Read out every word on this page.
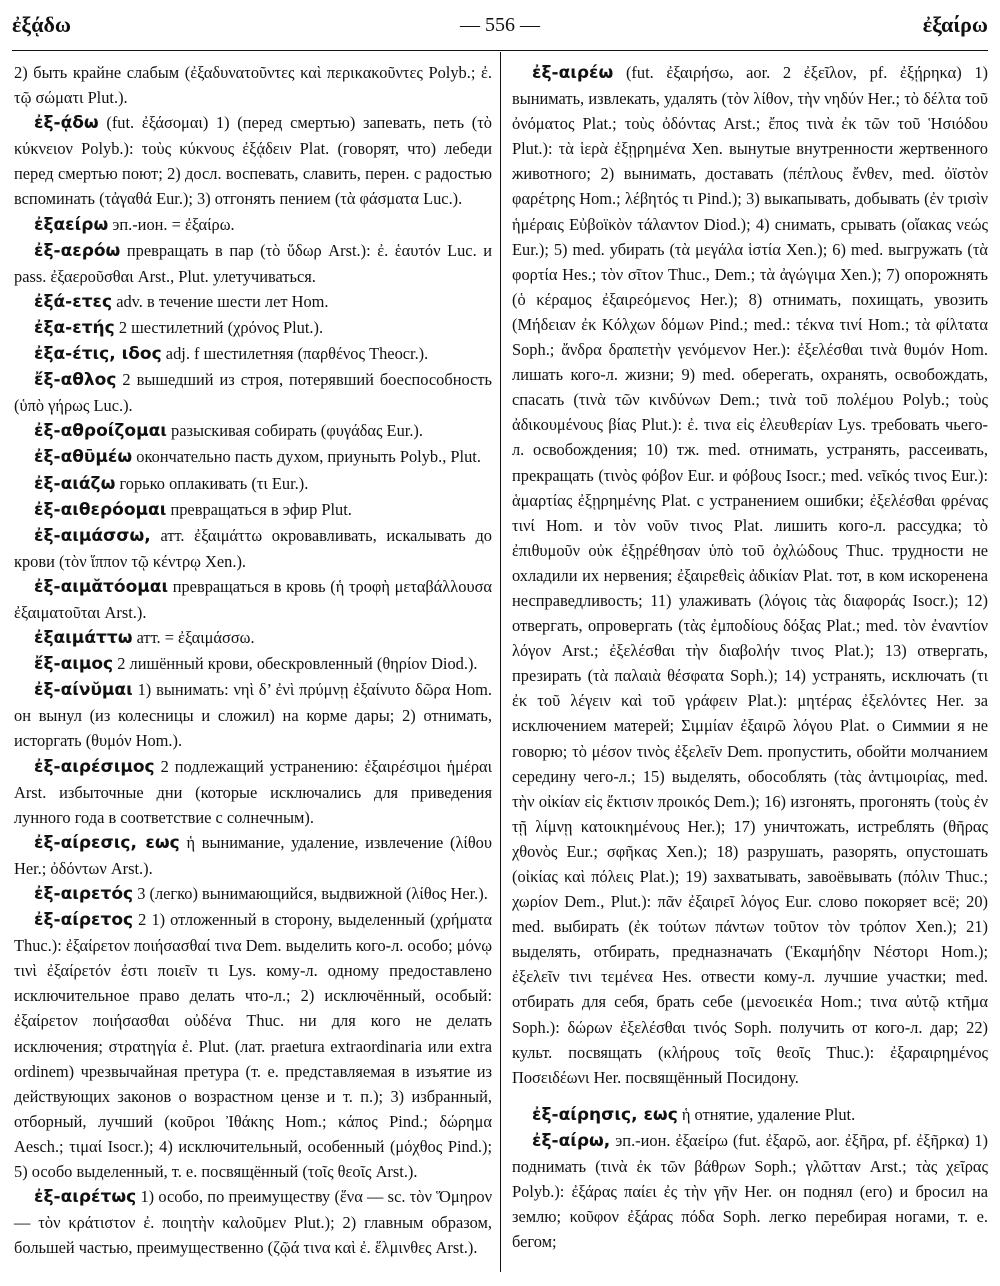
ἐξᾴδω	— 556 —	ἐξαίρω

2) быть крайне слабым (ἐξαδυνατοῦντες καὶ περικακοῦντες Polyb.; ἐ. τῷ σώματι Plut.).

ἐξ-ᾴδω (fut. ἐξάσομαι) 1) (перед смертью) запевать, петь (τὸ κύκνειον Polyb.): τοὺς κύκνους ἐξᾴδειν Plat. (говорят, что) лебеди перед смертью поют; 2) досл. воспевать, славить, перен. с радостью вспоминать (τἀγαθά Eur.); 3) отгонять пением (τὰ φάσματα Luc.).

ἐξαείρω эп.-ион. = ἐξαίρω.

ἐξ-αερόω превращать в пар (τὸ ὕδωρ Arst.): ἐ. ἑαυτόν Luc. и pass. ἐξαεροῦσθαι Arst., Plut. улетучиваться.

ἐξά-ετες adv. в течение шести лет Hom.

ἐξα-ετής 2 шестилетний (χρόνος Plut.).

ἐξα-έτις, ιδος adj. f шестилетняя (παρθένος Theocr.).

ἔξ-αθλος 2 вышедший из строя, потерявший боеспособность (ὑπὸ γήρως Luc.).

ἐξ-αθροίζομαι разыскивая собирать (φυγάδας Eur.).

ἐξ-αθῡμέω окончательно пасть духом, приуныть Polyb., Plut.

ἐξ-αιάζω горько оплакивать (τι Eur.).

ἐξ-αιθερόομαι превращаться в эфир Plut.

ἐξ-αιμάσσω, атт. ἐξαιμάττω окровавливать, искалывать до крови (τὸν ἵππον τῷ κέντρῳ Xen.).

ἐξ-αιμᾰτόομαι превращаться в кровь (ἡ τροφὴ μεταβάλλουσα ἐξαιματοῦται Arst.).

ἐξαιμάττω атт. = ἐξαιμάσσω.

ἔξ-αιμος 2 лишённый крови, обескровленный (θηρίον Diod.).

ἐξ-αίνῠμαι 1) вынимать: νηὶ δ’ ἐνὶ πρύμνῃ ἐξαίνυτο δῶρα Hom. он вынул (из колесницы и сложил) на корме дары; 2) отнимать, исторгать (θυμόν Hom.).

ἐξ-αιρέσιμος 2 подлежащий устранению: ἐξαιρέσιμοι ἡμέραι Arst. избыточные дни (которые исключались для приведения лунного года в соответствие с солнечным).

ἐξ-αίρεσις, εως ἡ вынимание, удаление, извлечение (λίθου Her.; ὀδόντων Arst.).

ἐξ-αιρετός 3 (легко) вынимающийся, выдвижной (λίθος Her.).

ἐξ-αίρετος 2 1) отложенный в сторону, выделенный (χρήματα Thuc.): ἐξαίρετον ποιήσασθαί τινα Dem. выделить кого-л. особо; μόνῳ τινὶ ἐξαίρετόν ἐστι ποιεῖν τι Lys. кому-л. одному предоставлено исключительное право делать что-л.; 2) исключённый, особый: ἐξαίρετον ποιήσασθαι οὐδένα Thuc. ни для кого не делать исключения; στρατηγία ἐ. Plut. (лат. praetura extraordinaria или extra ordinem) чрезвычайная претура (т. е. представляемая в изъятие из действующих законов о возрастном цензе и т. п.); 3) избранный, отборный, лучший (κοῦροι Ἰθάκης Hom.; κάπος Pind.; δώρημα Aesch.; τιμαί Isocr.); 4) исключительный, особенный (μόχθος Pind.); 5) особо выделенный, т. е. посвящённый (τοῖς θεοῖς Arst.).

ἐξ-αιρέτως 1) особо, по преимуществу (ἕνα — sc. τὸν Ὅμηρον — τὸν κράτιστον ἐ. ποιητὴν καλοῦμεν Plut.); 2) главным образом, большей частью, преимущественно (ζῷά τινα καὶ ἐ. ἕλμινθες Arst.).

ἐξ-αιρέω (fut. ἐξαιρήσω, aor. 2 ἐξεῖλον, pf. ἐξῄρηκα) 1) вынимать, извлекать, удалять (τὸν λίθον, τὴν νηδύν Her.; τὸ δέλτα τοῦ ὀνόματος Plat.; τοὺς ὀδόντας Arst.; ἔπος τινὰ ἐκ τῶν τοῦ Ἡσιόδου Plut.): τὰ ἱερὰ ἐξῃρημένα Xen. вынутые внутренности жертвенного животного; 2) вынимать, доставать (πέπλους ἔνθεν, med. ὀϊστὸν φαρέτρης Hom.; λέβητός τι Pind.); 3) выкапывать, добывать (ἐν τρισὶν ἡμέραις Εὐβοϊκὸν τάλαντον Diod.); 4) снимать, срывать (οἴακας νεώς Eur.); 5) med. убирать (τὰ μεγάλα ἱστία Xen.); 6) med. выгружать (τὰ φορτία Hes.; τὸν σῖτον Thuc., Dem.; τὰ ἀγώγιμα Xen.); 7) опорожнять (ὁ κέραμος ἐξαιρεόμενος Her.); 8) отнимать, похищать, увозить (Μήδειαν ἐκ Κόλχων δόμων Pind.; med.: τέκνα τινί Hom.; τὰ φίλτατα Soph.; ἄνδρα δραπετὴν γενόμενον Her.): ἐξελέσθαι τινὰ θυμόν Hom. лишать кого-л. жизни; 9) med. оберегать, охранять, освобождать, спасать (τινὰ τῶν κινδύνων Dem.; τινὰ τοῦ πολέμου Polyb.; τοὺς ἀδικουμένους βίας Plut.): ἐ. τινα εἰς ἐλευθερίαν Lys. требовать чьего-л. освобождения; 10) тж. med. отнимать, устранять, рассеивать, прекращать (τινὸς φόβον Eur. и φόβους Isocr.; med. νεῖκός τινος Eur.): ἁμαρτίας ἐξῃρημένης Plat. с устранением ошибки; ἐξελέσθαι φρένας τινί Hom. и τὸν νοῦν τινος Plat. лишить кого-л. рассудка; τὸ ἐπιθυμοῦν οὐκ ἐξῃρέθησαν ὑπὸ τοῦ ὀχλώδους Thuc. трудности не охладили их нервения; ἐξαιρεθεὶς ἀδικίαν Plat. тот, в ком искоренена несправедливость; 11) улаживать (λόγοις τὰς διαφοράς Isocr.); 12) отвергать, опровергать (τὰς ἐμποδίους δόξας Plat.; med. τὸν ἐναντίον λόγον Arst.; ἐξελέσθαι τὴν διαβολήν τινος Plat.); 13) отвергать, презирать (τὰ παλαιὰ θέσφατα Soph.); 14) устранять, исключать (τι ἐκ τοῦ λέγειν καὶ τοῦ γράφειν Plat.): μητέρας ἐξελόντες Her. за исключением матерей; Σιμμίαν ἐξαιρῶ λόγου Plat. о Симмии я не говорю; τὸ μέσον τινὸς ἐξελεῖν Dem. пропустить, обойти молчанием середину чего-л.; 15) выделять, обособлять (τὰς ἀντιμοιρίας, med. τὴν οἰκίαν εἰς ἔκτισιν προικός Dem.); 16) изгонять, прогонять (τοὺς ἐν τῇ λίμνῃ κατοικημένους Her.); 17) уничтожать, истреблять (θῆρας χθονὸς Eur.; σφῆκας Xen.); 18) разрушать, разорять, опустошать (οἰκίας καὶ πόλεις Plat.); 19) захватывать, завоёвывать (πόλιν Thuc.; χωρίον Dem., Plut.): πᾶν ἐξαιρεῖ λόγος Eur. слово покоряет всё; 20) med. выбирать (ἐκ τούτων πάντων τοῦτον τὸν τρόπον Xen.); 21) выделять, отбирать, предназначать (Ἑκαμήδην Νέστορι Hom.); ἐξελεῖν τινι τεμένεα Hes. отвести кому-л. лучшие участки; med. отбирать для себя, брать себе (μενοεικέα Hom.; τινα αὐτῷ κτῆμα Soph.): δώρων ἐξελέσθαι τινός Soph. получить от кого-л. дар; 22) культ. посвящать (κλήρους τοῖς θεοῖς Thuc.): ἐξαραιρημένος Ποσειδέωνι Her. посвящённый Посидону.

ἐξ-αίρησις, εως ἡ отнятие, удаление Plut.

ἐξ-αίρω, эп.-ион. ἐξαείρω (fut. ἐξαρῶ, aor. ἐξῆρα, pf. ἐξῆρκα) 1) поднимать (τινὰ ἐκ τῶν βάθρων Soph.; γλῶτταν Arst.; τὰς χεῖρας Polyb.): ἐξάρας παίει ἐς τὴν γῆν Her. он поднял (его) и бросил на землю; κοῦφον ἐξάρας πόδα Soph. легко перебирая ногами, т. е. бегом;
